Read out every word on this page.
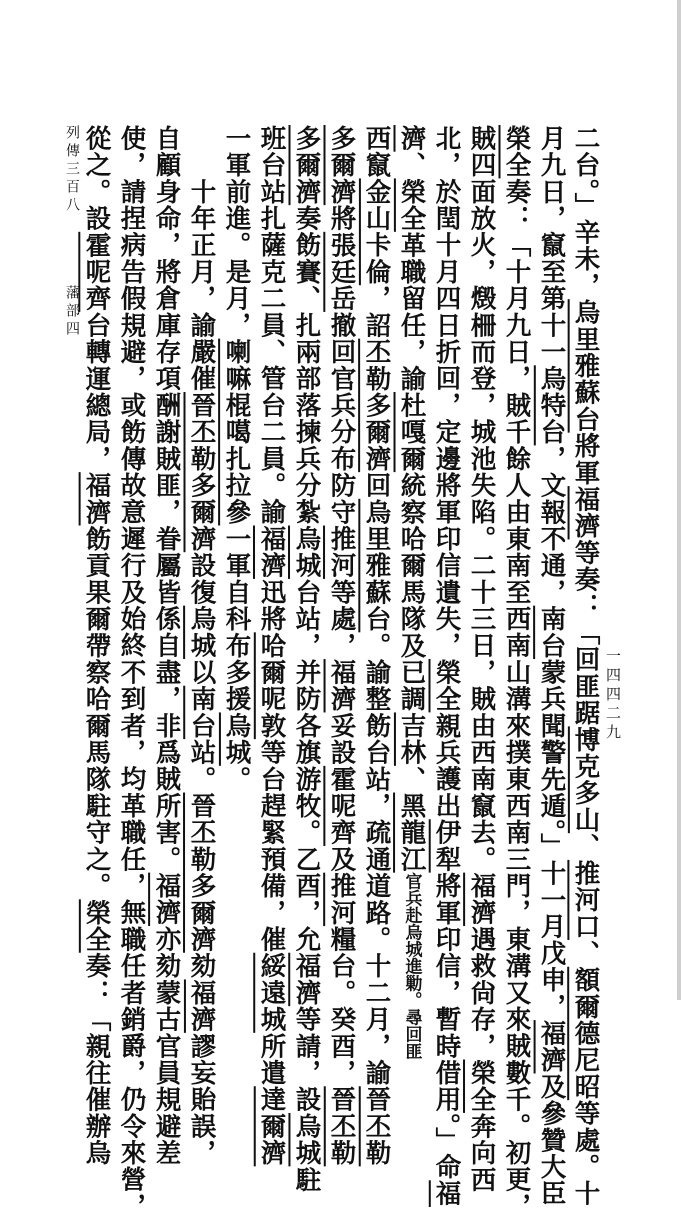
列傳三百八藩部四
一四四二九
二台。」辛未，烏里雅蘇台將軍福濟等奏：「回匪踞博克多山、推河口、額爾德尼昭等處。十
月九日，竄至第十一烏特台，文報不通，南台蒙兵聞警先遁。」十一月戊申，福濟及參贊大臣
榮全奏：「十月九日，賊千餘人由東南至西南山溝來撲東西南三門，東溝又來賊數千。初更，
賊四面放火，燬柵而登，城池失陷。二十三日，賊由西南竄去。福濟遇救尙存，榮全奔向西
北，於閏十月四日折回，定邊將軍印信遺失，榮全親兵護出伊犁將軍印信，暫時借用。」命福
濟、榮全革職留任，諭杜嘎爾統察哈爾馬隊及已調吉林、黑龍江官兵赴烏城進勦。尋回匪
西竄金山卡倫，詔丕勒多爾濟回烏里雅蘇台。諭整飭台站，疏通道路。十二月，諭晉丕勒
多爾濟將張廷岳撤回官兵分布防守推河等處，福濟妥設霍呢齊及推河糧台。癸酉，晉丕勒
多爾濟奏飭賽、扎兩部落揀兵分紮烏城台站，并防各旗游牧。乙酉，允福濟等請，設烏城駐
班台站扎薩克二員、管台二員。諭福濟迅將哈爾呢敦等台趕緊預備，催綏遠城所遣達爾濟
一軍前進。是月，喇嘛棍噶扎拉參一軍自科布多援烏城。
　　十年正月，諭嚴催晉丕勒多爾濟設復烏城以南台站。晉丕勒多爾濟劾福濟謬妄貽誤，
自顧身命，將倉庫存項酬謝賊匪，眷屬皆係自盡，非爲賊所害。福濟亦劾蒙古官員規避差
使，請捏病告假規避，或飭傳故意遲行及始終不到者，均革職任，無職任者銷爵，仍令來營，
從之。設霍呢齊台轉運總局，福濟飭貢果爾帶察哈爾馬隊駐守之。榮全奏：「親往催辦烏
